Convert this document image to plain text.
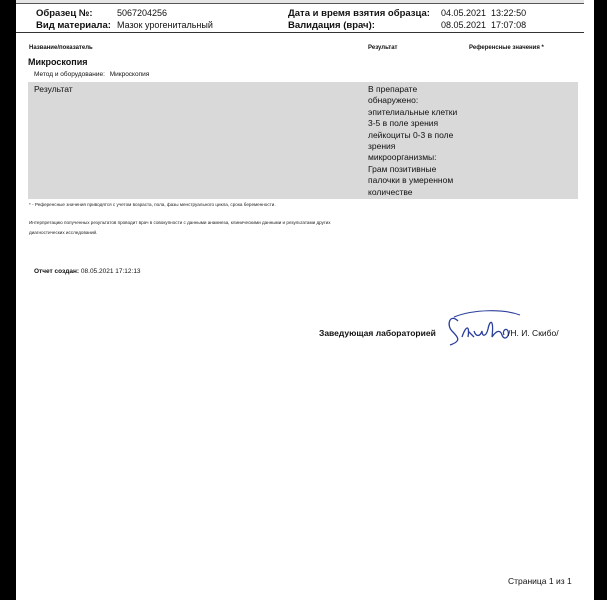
Образец №:	5067204256
Вид материала: Мазок урогенитальный
Дата и время взятия образца: 04.05.2021  13:22:50
Валидация (врач):	08.05.2021  17:07:08
Название/показатель	Результат	Референсные значения *
Микроскопия
Метод и оборудование: Микроскопия
Результат	В препарате
обнаружено:
эпителиальные клетки
3-5 в поле зрения
лейкоциты 0-3 в поле
зрения
микроорганизмы:
Грам позитивные
палочки в умеренном
количестве
* - Референсные значения приводятся с учетом возраста, пола, фазы менструального цикла, срока беременности.
Интерпретацию полученных результатов проводит врач в совокупности с данными анамнеза, клиническими данными и результатами других
диагностических исследований.
Отчет создан: 08.05.2021 17:12:13
Заведующая лабораторией	/Н. И. Скибо/
Страница 1 из 1
